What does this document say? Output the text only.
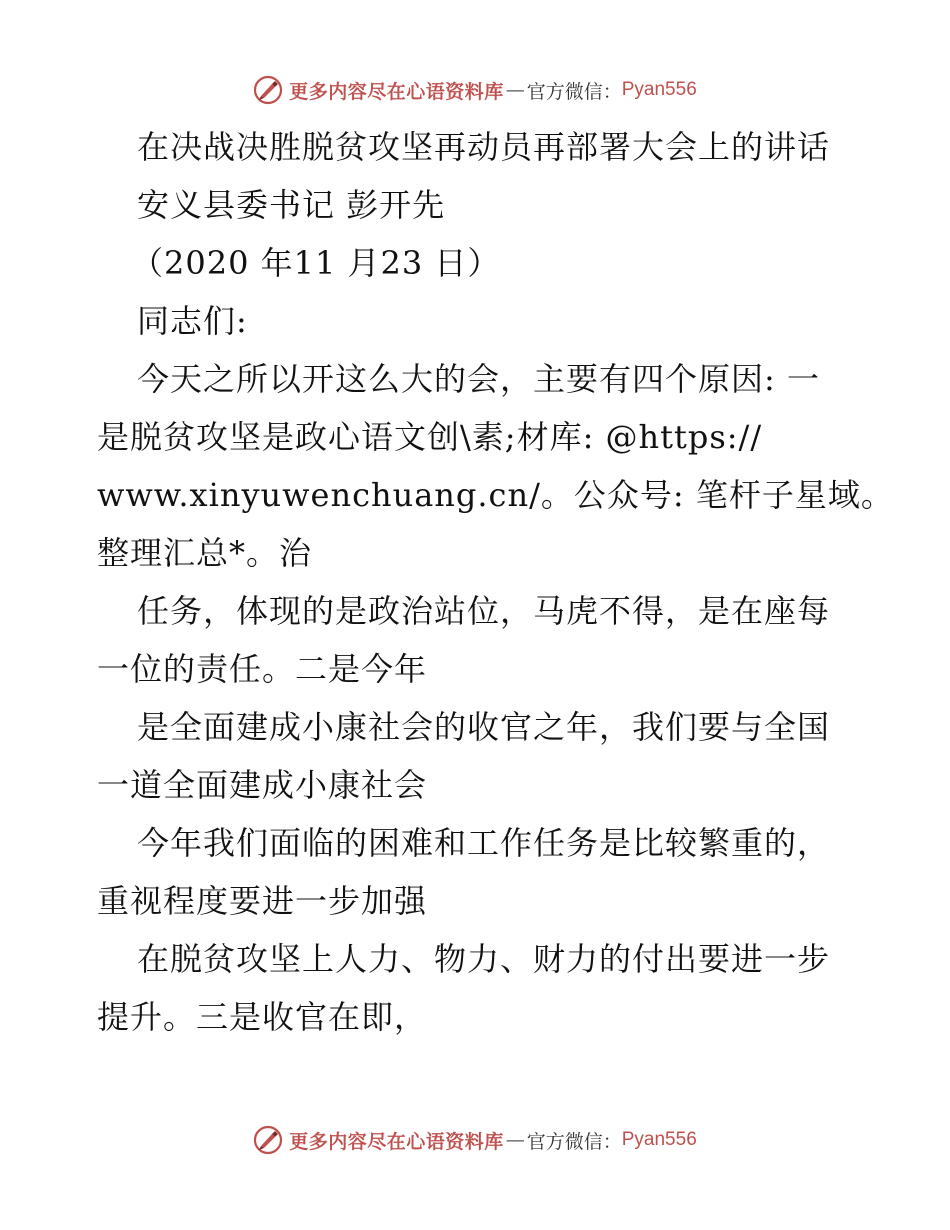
更多内容尽在心语资料库 — 官方微信： Pyan556
在决战决胜脱贫攻坚再动员再部署大会上的讲话
安义县委书记 彭开先
（2020 年11 月23 日）
同志们:
今天之所以开这么大的会，主要有四个原因: 一
是脱贫攻坚是政心语文创\素;材库: @https://
www.xinyuwenchuang.cn/。公众号: 笔杆子星域。
整理汇总*。治
任务，体现的是政治站位，马虎不得，是在座每
一位的责任。二是今年
是全面建成小康社会的收官之年，我们要与全国
一道全面建成小康社会
今年我们面临的困难和工作任务是比较繁重的，
重视程度要进一步加强
在脱贫攻坚上人力、物力、财力的付出要进一步
提升。三是收官在即，
更多内容尽在心语资料库 — 官方微信： Pyan556
